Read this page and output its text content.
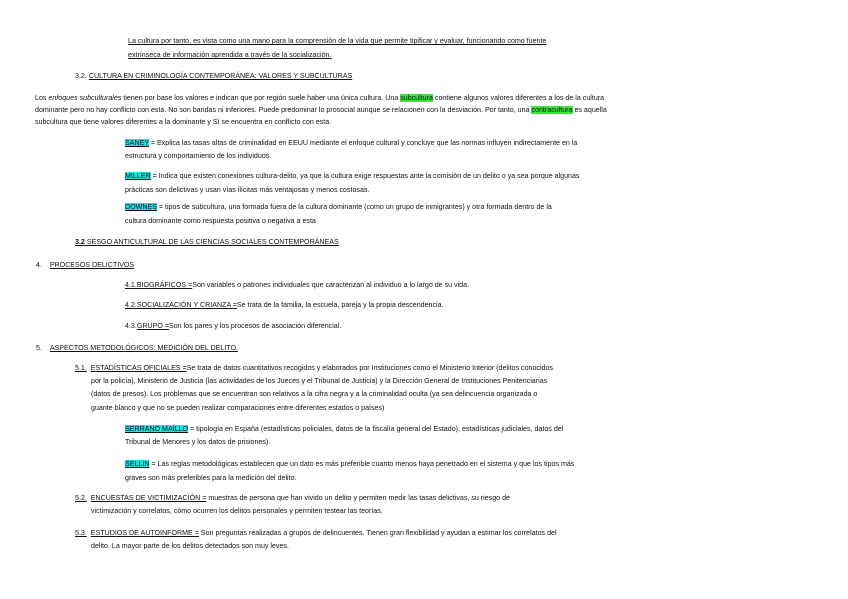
La cultura por tanto, es vista como una mano para la comprensión de la vida que permite tipificar y evaluar, funcionando como fuente
extrínseca de información aprendida a través de la socialización.
3.2. CULTURA EN CRIMINOLOGÍA CONTEMPORÁNEA: VALORES Y SUBCULTURAS
Los enfoques subculturales tienen por base los valores e indican que por región suele haber una única cultura. Una subcultura contiene algunos valores diferentes a los de la cultura
dominante pero no hay conflicto con esta. No son bandas ni inferiores. Puede predominar lo prosocial aunque se relacionen con la desviación. Por tanto, una contracultura es aquella
subcultura que tiene valores diferentes a la dominante y Sí se encuentra en conflicto con esta.
SANEY = Explica las tasas altas de criminalidad en EEUU mediante el enfoque cultural y concluye que las normas influyen indirectamente en la
estructura y comportamiento de los individuos.
MILLER = Indica que existen conexiones cultura-delito, ya que la cultura exige respuestas ante la comisión de un delito o ya sea porque algunas
prácticas son delictivas y usan vías ilícitas más ventajosas y menos costosas.
DOWNES = tipos de subcultura, una formada fuera de la cultura dominante (como un grupo de inmigrantes) y otra formada dentro de la
cultura dominante como respuesta positiva o negativa a esta
3.2 SESGO ANTICULTURAL DE LAS CIENCIAS SOCIALES CONTEMPORÁNEAS
4. PROCESOS DELICTIVOS
4.1.BIOGRÁFICOS =Son variables o patrones individuales que caracterizan al individuo a lo largo de su vida.
4.2.SOCIALIZACIÓN Y CRIANZA =Se trata de la familia, la escuela, pareja y la propia descendencia.
4.3.GRUPO =Son los pares y los procesos de asociación diferencial.
5. ASPECTOS METODOLÓGICOS: MEDICIÓN DEL DELITO.
5.1. ESTADÍSTICAS OFICIALES =Se trata de datos cuantitativos recogidos y elaborados por Instituciones como el Ministerio Interior (delitos conocidos
por la policía), Ministerio de Justicia (las actividades de los Jueces y el Tribunal de Justicia) y la Dirección General de Instituciones Penitenciarias
(datos de presos). Los problemas que se encuentran son relativos a la cifra negra y a la criminalidad oculta (ya sea delincuencia organizada o
guante blanco y que no se pueden realizar comparaciones entre diferentes estados o países)
SERRANO MAÍLLO = tipología en España (estadísticas policiales, datos de la fiscalía general del Estado), estadísticas judiciales, datos del
Tribunal de Menores y los datos de prisiones).
SELLIN = Las reglas metodológicas establecen que un dato es más preferible cuanto menos haya penetrado en el sistema y que los tipos más
graves son más preferibles para la medición del delito.
5.2. ENCUESTAS DE VICTIMIZACIÓN = muestras de persona que han vivido un delito y permiten medir las tasas delictivas, su riesgo de
victimización y correlatos, cómo ocurren los delitos personales y permiten testear las teorías.
5.3. ESTUDIOS DE AUTOINFORME = Son preguntas realizadas a grupos de delincuentes. Tienen gran flexibilidad y ayudan a estimar los correlatos del
delito. La mayor parte de los delitos detectados son muy leves.
